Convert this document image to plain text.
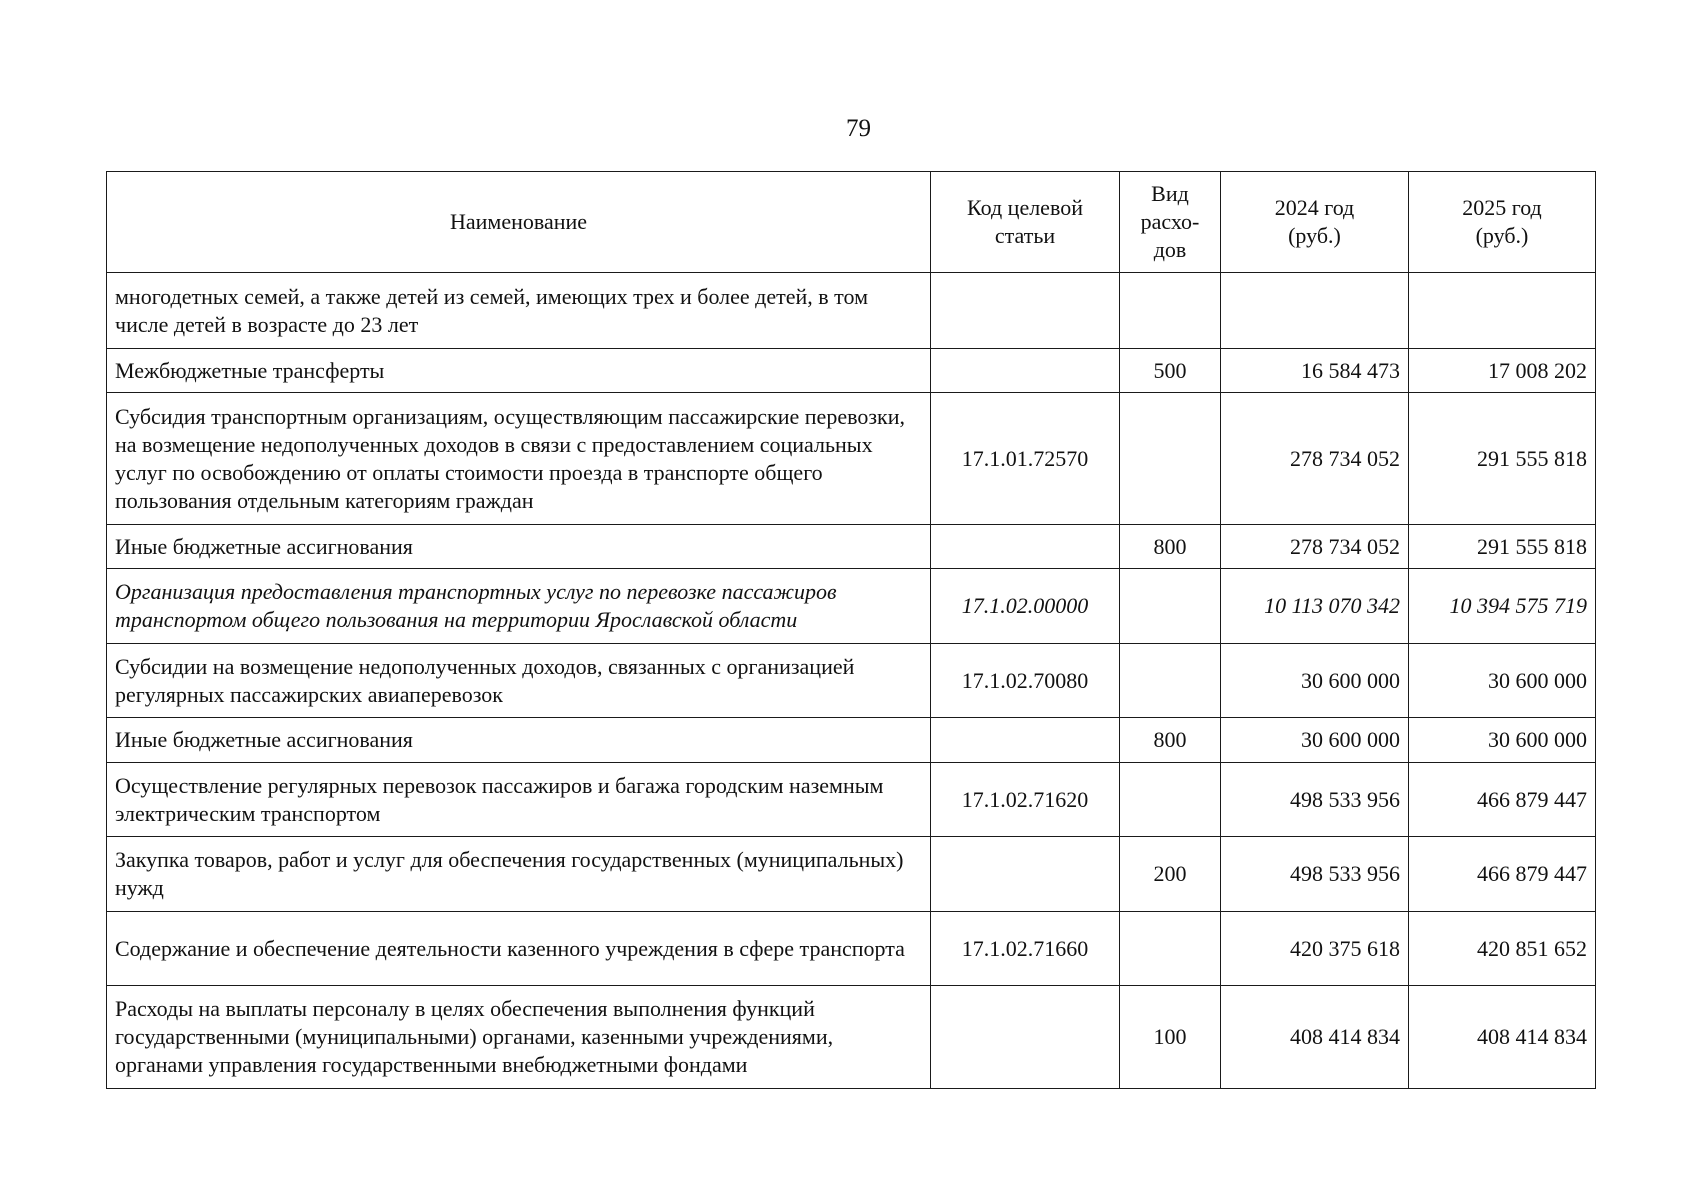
79
Наименование	Код целевой статьи	Вид расхо-дов	2024 год (руб.)	2025 год (руб.)
многодетных семей, а также детей из семей, имеющих трех и более детей, в том числе детей в возрасте до 23 лет				
Межбюджетные трансферты		500	16 584 473	17 008 202
Субсидия транспортным организациям, осуществляющим пассажирские перевозки, на возмещение недополученных доходов в связи с предоставлением социальных услуг по освобождению от оплаты стоимости проезда в транспорте общего пользования отдельным категориям граждан	17.1.01.72570		278 734 052	291 555 818
Иные бюджетные ассигнования		800	278 734 052	291 555 818
Организация предоставления транспортных услуг по перевозке пассажиров транспортом общего пользования на территории Ярославской области	17.1.02.00000		10 113 070 342	10 394 575 719
Субсидии на возмещение недополученных доходов, связанных с организацией регулярных пассажирских авиаперевозок	17.1.02.70080		30 600 000	30 600 000
Иные бюджетные ассигнования		800	30 600 000	30 600 000
Осуществление регулярных перевозок пассажиров и багажа городским наземным электрическим транспортом	17.1.02.71620		498 533 956	466 879 447
Закупка товаров, работ и услуг для обеспечения государственных (муниципальных) нужд		200	498 533 956	466 879 447
Содержание и обеспечение деятельности казенного учреждения в сфере транспорта	17.1.02.71660		420 375 618	420 851 652
Расходы на выплаты персоналу в целях обеспечения выполнения функций государственными (муниципальными) органами, казенными учреждениями, органами управления государственными внебюджетными фондами		100	408 414 834	408 414 834
